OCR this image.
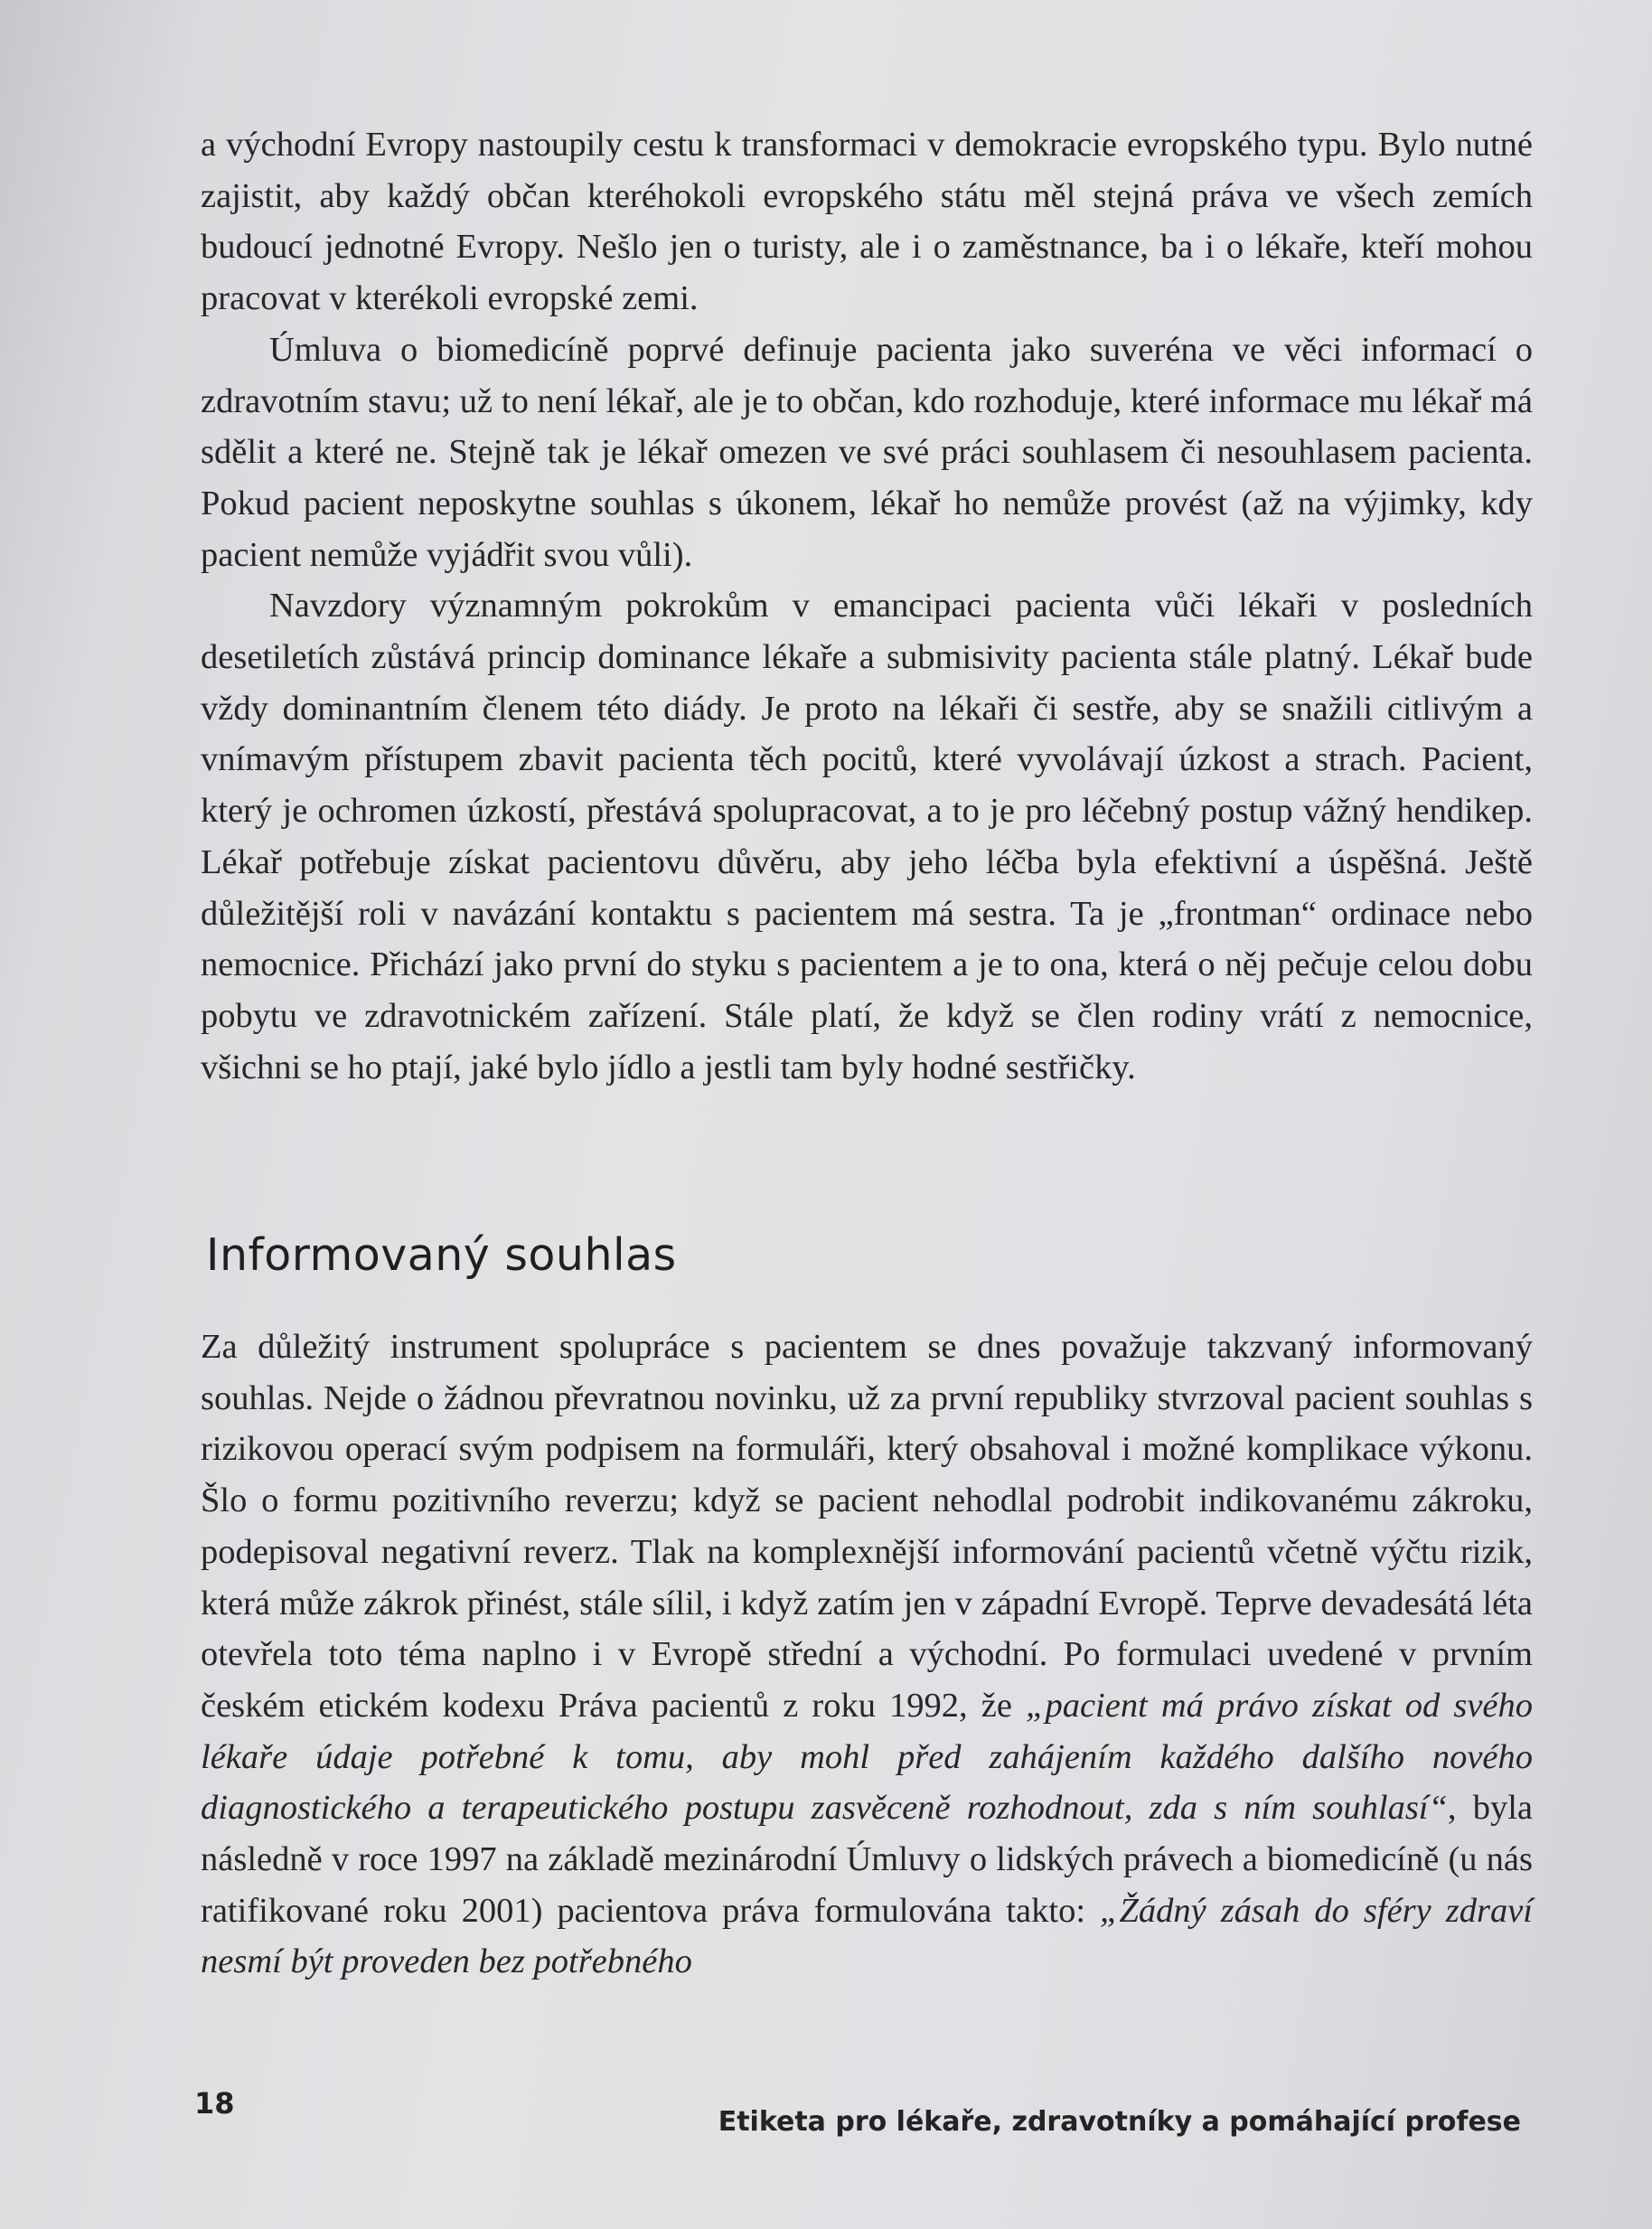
a východní Evropy nastoupily cestu k transformaci v demokracie evropského typu. Bylo nutné zajistit, aby každý občan kteréhokoli evropského státu měl stejná práva ve všech zemích budoucí jednotné Evropy. Nešlo jen o turisty, ale i o zaměstnance, ba i o lékaře, kteří mohou pracovat v kterékoli evropské zemi.

Úmluva o biomedicíně poprvé definuje pacienta jako suveréna ve věci informací o zdravotním stavu; už to není lékař, ale je to občan, kdo rozhoduje, které informace mu lékař má sdělit a které ne. Stejně tak je lékař omezen ve své práci souhlasem či nesouhlasem pacienta. Pokud pacient neposkytne souhlas s úkonem, lékař ho nemůže provést (až na výjimky, kdy pacient nemůže vyjádřit svou vůli).

Navzdory významným pokrokům v emancipaci pacienta vůči lékaři v posledních desetiletích zůstává princip dominance lékaře a submisivity pacienta stále platný. Lékař bude vždy dominantním členem této diády. Je proto na lékaři či sestře, aby se snažili citlivým a vnímavým přístupem zbavit pacienta těch pocitů, které vyvolávají úzkost a strach. Pacient, který je ochromen úzkostí, přestává spolupracovat, a to je pro léčebný postup vážný hendikep. Lékař potřebuje získat pacientovu důvěru, aby jeho léčba byla efektivní a úspěšná. Ještě důležitější roli v navázání kontaktu s pacientem má sestra. Ta je „frontman“ ordinace nebo nemocnice. Přichází jako první do styku s pacientem a je to ona, která o něj pečuje celou dobu pobytu ve zdravotnickém zařízení. Stále platí, že když se člen rodiny vrátí z nemocnice, všichni se ho ptají, jaké bylo jídlo a jestli tam byly hodné sestřičky.

Informovaný souhlas

Za důležitý instrument spolupráce s pacientem se dnes považuje takzvaný informovaný souhlas. Nejde o žádnou převratnou novinku, už za první republiky stvrzoval pacient souhlas s rizikovou operací svým podpisem na formuláři, který obsahoval i možné komplikace výkonu. Šlo o formu pozitivního reverzu; když se pacient nehodlal podrobit indikovanému zákroku, podepisoval negativní reverz. Tlak na komplexnější informování pacientů včetně výčtu rizik, která může zákrok přinést, stále sílil, i když zatím jen v západní Evropě. Teprve devadesátá léta otevřela toto téma naplno i v Evropě střední a východní. Po formulaci uvedené v prvním českém etickém kodexu Práva pacientů z roku 1992, že „pacient má právo získat od svého lékaře údaje potřebné k tomu, aby mohl před zahájením každého dalšího nového diagnostického a terapeutického postupu zasvěceně rozhodnout, zda s ním souhlasí“, byla následně v roce 1997 na základě mezinárodní Úmluvy o lidských právech a biomedicíně (u nás ratifikované roku 2001) pacientova práva formulována takto: „Žádný zásah do sféry zdraví nesmí být proveden bez potřebného

18
Etiketa pro lékaře, zdravotníky a pomáhající profese
